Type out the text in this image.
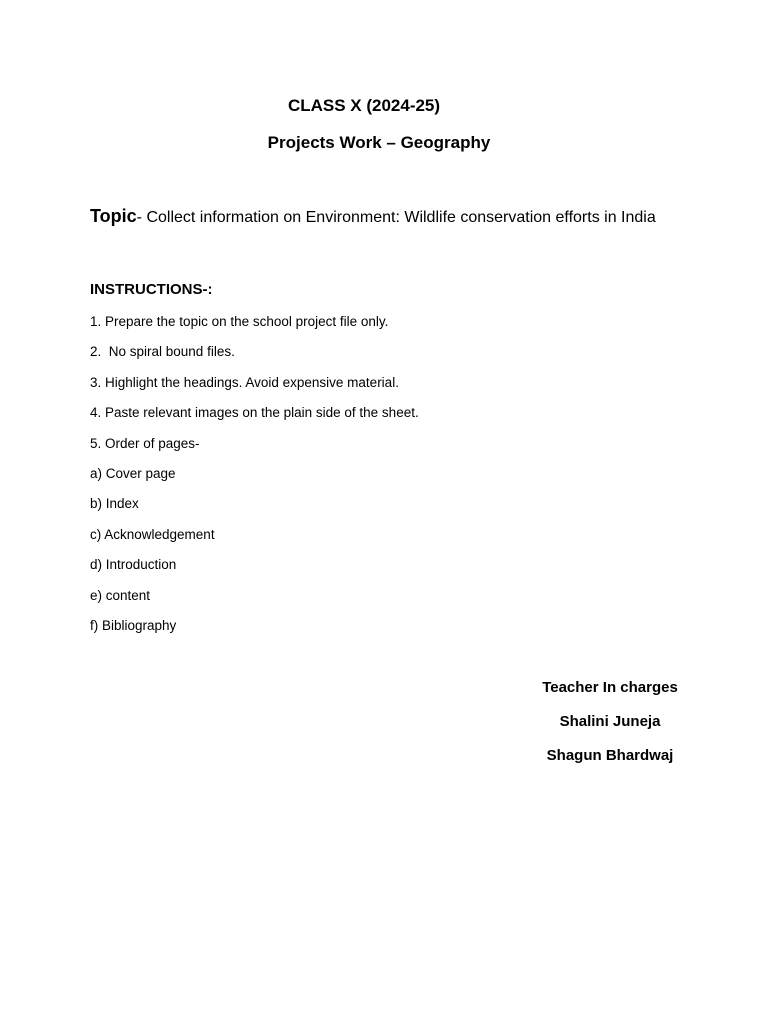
CLASS X (2024-25)
Projects Work – Geography
Topic- Collect information on Environment: Wildlife conservation efforts in India
INSTRUCTIONS-:
1. Prepare the topic on the school project file only.
2.  No spiral bound files.
3. Highlight the headings. Avoid expensive material.
4. Paste relevant images on the plain side of the sheet.
5. Order of pages-
a) Cover page
b) Index
c) Acknowledgement
d) Introduction
e) content
f) Bibliography
Teacher In charges
Shalini Juneja
Shagun Bhardwaj
